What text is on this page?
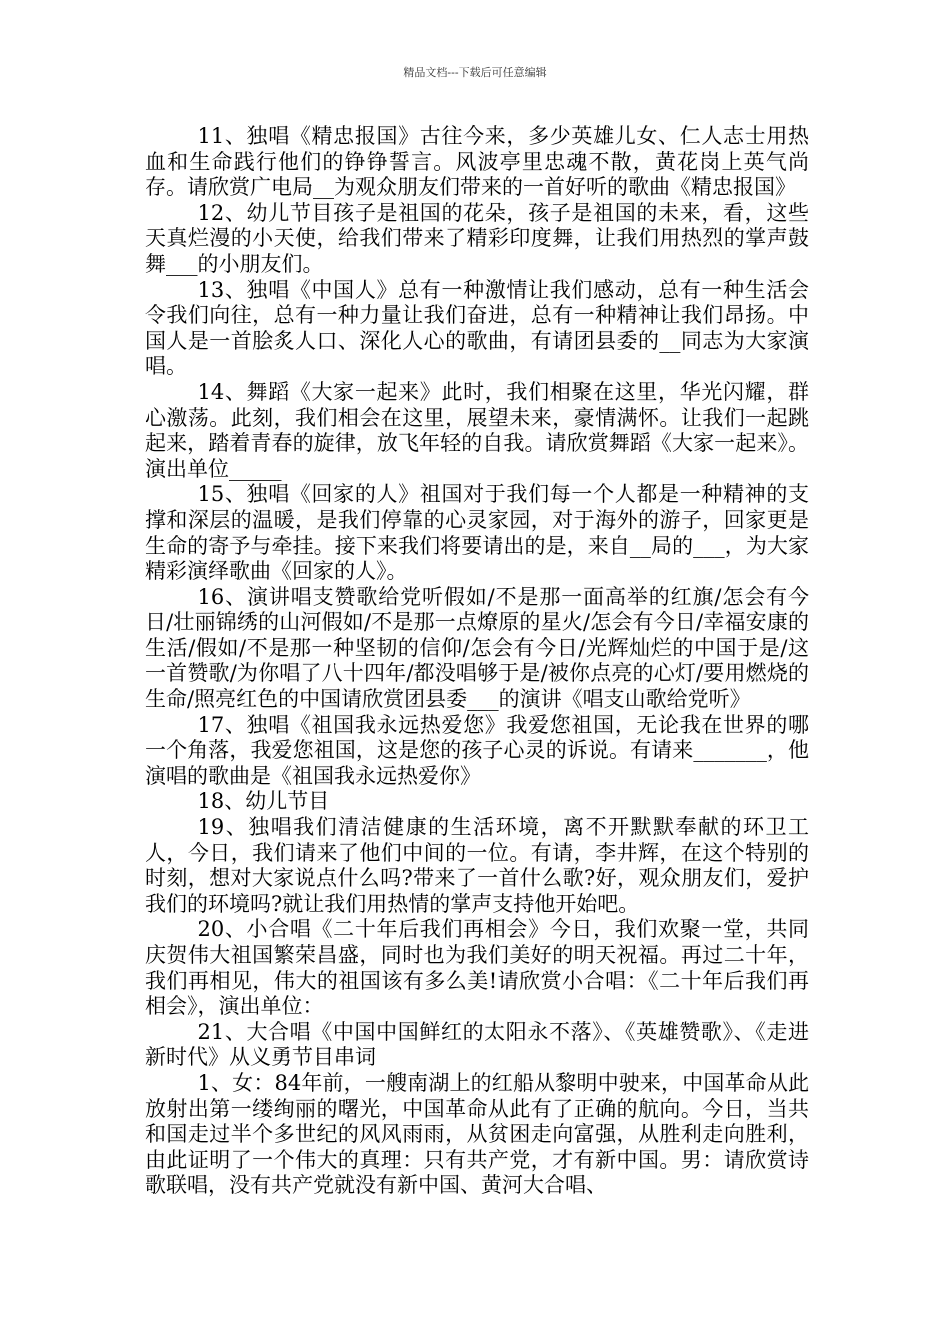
精品文档---下载后可任意编辑

11、独唱《精忠报国》古往今来，多少英雄儿女、仁人志士用热血和生命践行他们的铮铮誓言。风波亭里忠魂不散，黄花岗上英气尚存。请欣赏广电局__为观众朋友们带来的一首好听的歌曲《精忠报国》

12、幼儿节目孩子是祖国的花朵，孩子是祖国的未来，看，这些天真烂漫的小天使，给我们带来了精彩印度舞，让我们用热烈的掌声鼓舞___的小朋友们。

13、独唱《中国人》总有一种激情让我们感动，总有一种生活会令我们向往，总有一种力量让我们奋进，总有一种精神让我们昂扬。中国人是一首脍炙人口、深化人心的歌曲，有请团县委的__同志为大家演唱。

14、舞蹈《大家一起来》此时，我们相聚在这里，华光闪耀，群心激荡。此刻，我们相会在这里，展望未来，豪情满怀。让我们一起跳起来，踏着青春的旋律，放飞年轻的自我。请欣赏舞蹈《大家一起来》。演出单位_____

15、独唱《回家的人》祖国对于我们每一个人都是一种精神的支撑和深层的温暖，是我们停靠的心灵家园，对于海外的游子，回家更是生命的寄予与牵挂。接下来我们将要请出的是，来自__局的___，为大家精彩演绎歌曲《回家的人》。

16、演讲唱支赞歌给党听假如/不是那一面高举的红旗/怎会有今日/壮丽锦绣的山河假如/不是那一点燎原的星火/怎会有今日/幸福安康的生活/假如/不是那一种坚韧的信仰/怎会有今日/光辉灿烂的中国于是/这一首赞歌/为你唱了八十四年/都没唱够于是/被你点亮的心灯/要用燃烧的生命/照亮红色的中国请欣赏团县委___的演讲《唱支山歌给党听》

17、独唱《祖国我永远热爱您》我爱您祖国，无论我在世界的哪一个角落，我爱您祖国，这是您的孩子心灵的诉说。有请来_______，他演唱的歌曲是《祖国我永远热爱你》

18、幼儿节目

19、独唱我们清洁健康的生活环境，离不开默默奉献的环卫工人，今日，我们请来了他们中间的一位。有请，李井辉，在这个特别的时刻，想对大家说点什么吗?带来了一首什么歌?好，观众朋友们，爱护我们的环境吗?就让我们用热情的掌声支持他开始吧。

20、小合唱《二十年后我们再相会》今日，我们欢聚一堂，共同庆贺伟大祖国繁荣昌盛，同时也为我们美好的明天祝福。再过二十年，我们再相见，伟大的祖国该有多么美!请欣赏小合唱：《二十年后我们再相会》，演出单位：

21、大合唱《中国中国鲜红的太阳永不落》、《英雄赞歌》、《走进新时代》从义勇节目串词

1、女：84年前，一艘南湖上的红船从黎明中驶来，中国革命从此放射出第一缕绚丽的曙光，中国革命从此有了正确的航向。今日，当共和国走过半个多世纪的风风雨雨，从贫困走向富强，从胜利走向胜利，由此证明了一个伟大的真理：只有共产党，才有新中国。男：请欣赏诗歌联唱，没有共产党就没有新中国、黄河大合唱、
